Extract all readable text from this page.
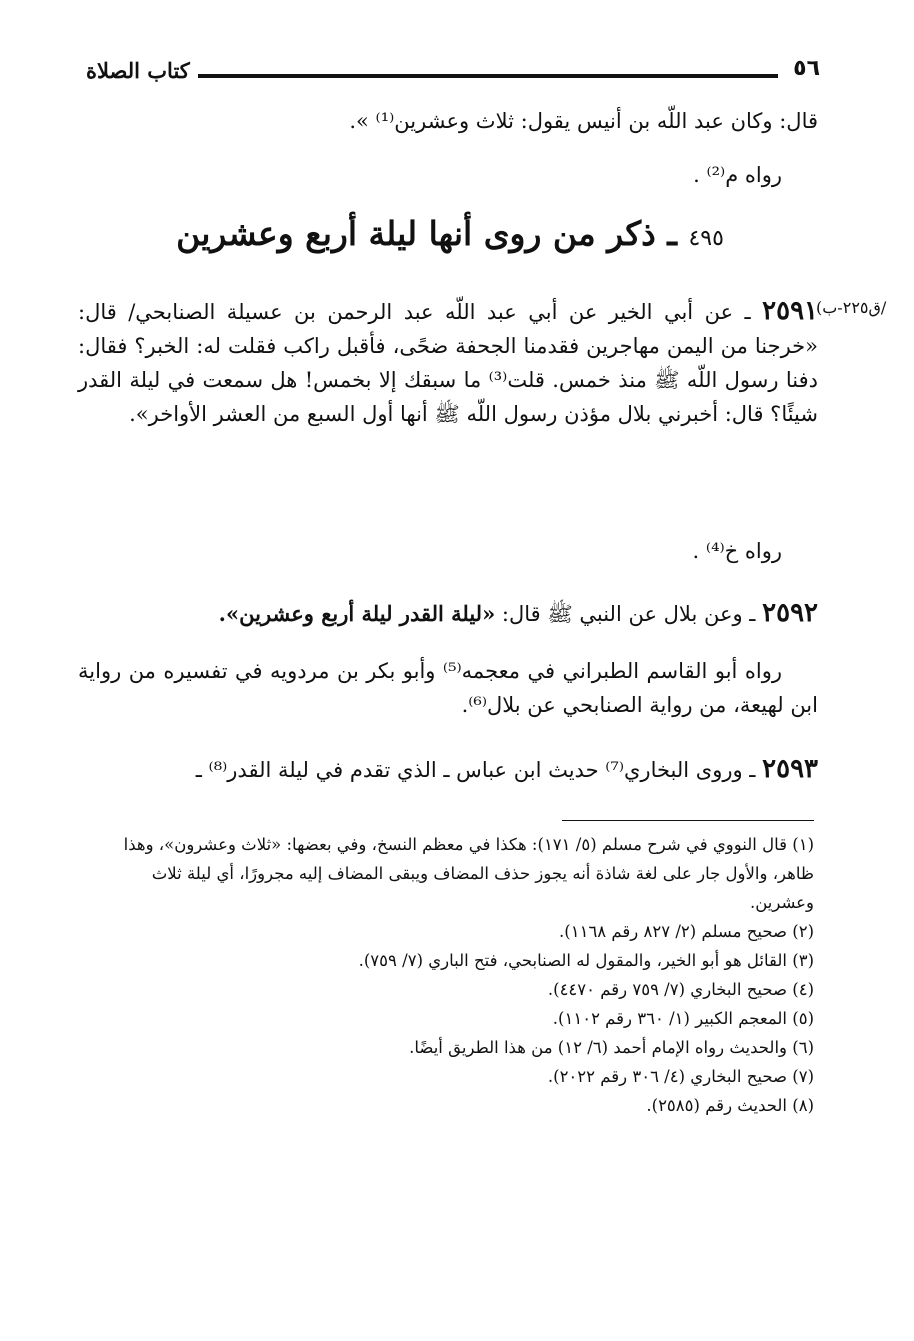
كتاب الصلاة	٥٦
قال: وكان عبد اللّه بن أنيس يقول: ثلاث وعشرين⁽¹⁾ ».
رواه م⁽²⁾ .
٤٩٥ ـ ذكر من روى أنها ليلة أربع وعشرين
/ق٢٢٥-ب)
٢٥٩١ ـ عن أبي الخير عن أبي عبد اللّه عبد الرحمن بن عسيلة الصنابحي/ قال: «خرجنا من اليمن مهاجرين فقدمنا الجحفة ضحًى، فأقبل راكب فقلت له: الخبر؟ فقال: دفنا رسول اللّه ﷺ منذ خمس. قلت⁽³⁾ ما سبقك إلا بخمس! هل سمعت في ليلة القدر شيئًا؟ قال: أخبرني بلال مؤذن رسول اللّه ﷺ أنها أول السبع من العشر الأواخر».
رواه خ⁽⁴⁾ .
٢٥٩٢ ـ وعن بلال عن النبي ﷺ قال: «ليلة القدر ليلة أربع وعشرين».
رواه أبو القاسم الطبراني في معجمه⁽⁵⁾ وأبو بكر بن مردويه في تفسيره من رواية ابن لهيعة، من رواية الصنابحي عن بلال⁽⁶⁾.
٢٥٩٣ ـ وروى البخاري⁽⁷⁾ حديث ابن عباس ـ الذي تقدم في ليلة القدر⁽⁸⁾ ـ

(١) قال النووي في شرح مسلم (٥/ ١٧١): هكذا في معظم النسخ، وفي بعضها: «ثلاث وعشرون»، وهذا ظاهر، والأول جار على لغة شاذة أنه يجوز حذف المضاف ويبقى المضاف إليه مجرورًا، أي ليلة ثلاث وعشرين.

(٢) صحيح مسلم (٢/ ٨٢٧ رقم ١١٦٨).

(٣) القائل هو أبو الخير، والمقول له الصنابحي، فتح الباري (٧/ ٧٥٩).

(٤) صحيح البخاري (٧/ ٧٥٩ رقم ٤٤٧٠).

(٥) المعجم الكبير (١/ ٣٦٠ رقم ١١٠٢).

(٦) والحديث رواه الإمام أحمد (٦/ ١٢) من هذا الطريق أيضًا.

(٧) صحيح البخاري (٤/ ٣٠٦ رقم ٢٠٢٢).

(٨) الحديث رقم (٢٥٨٥).
